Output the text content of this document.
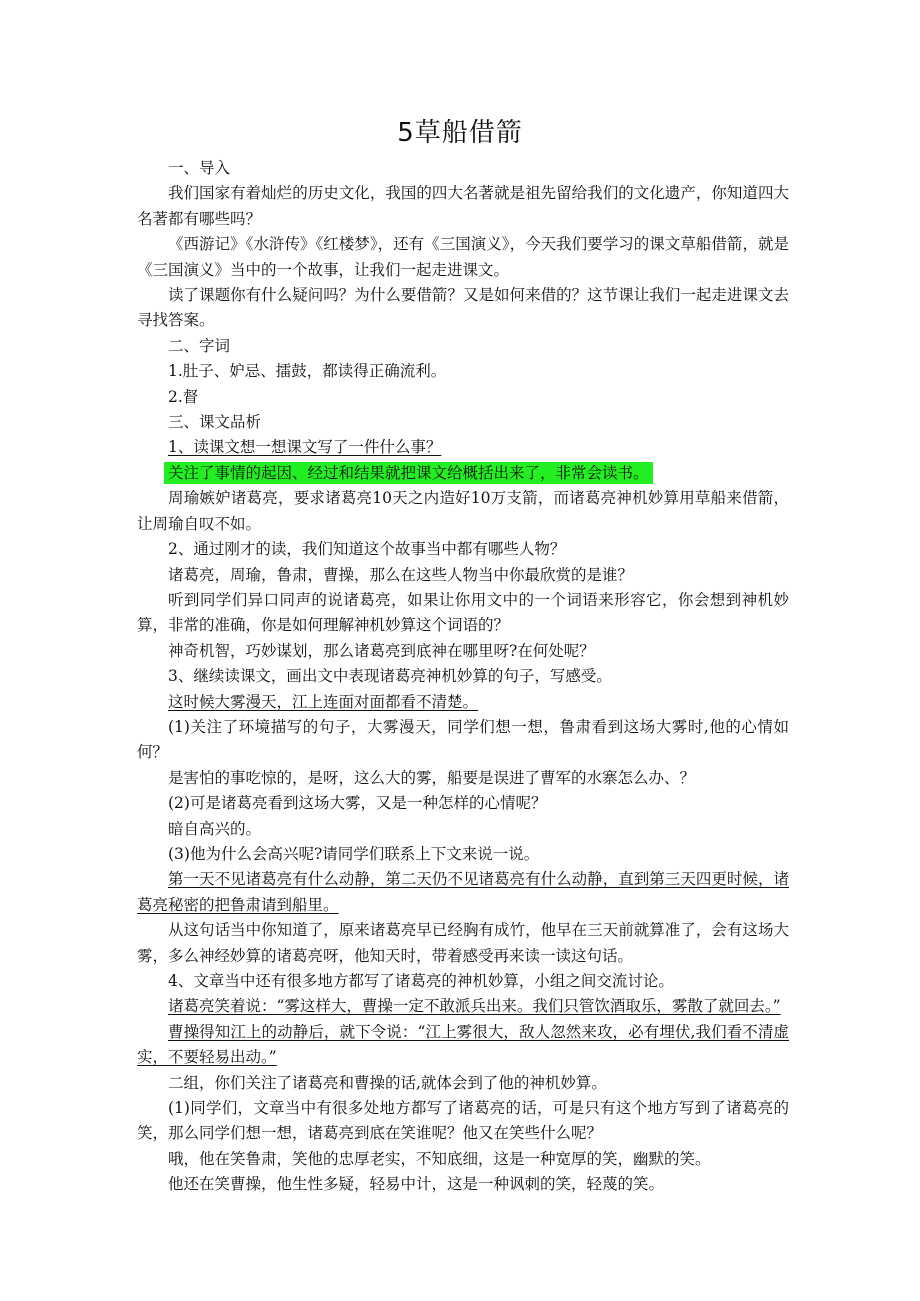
5草船借箭

一、导入

我们国家有着灿烂的历史文化，我国的四大名著就是祖先留给我们的文化遗产，你知道四大名著都有哪些吗？

《西游记》《水浒传》《红楼梦》，还有《三国演义》，今天我们要学习的课文草船借箭，就是《三国演义》当中的一个故事，让我们一起走进课文。

读了课题你有什么疑问吗？为什么要借箭？又是如何来借的？这节课让我们一起走进课文去寻找答案。

二、字词

1.肚子、妒忌、擂鼓，都读得正确流利。

2.督

三、课文品析

1、读课文想一想课文写了一件什么事？

关注了事情的起因、经过和结果就把课文给概括出来了，非常会读书。

周瑜嫉妒诸葛亮，要求诸葛亮10天之内造好10万支箭，而诸葛亮神机妙算用草船来借箭，让周瑜自叹不如。

2、通过刚才的读，我们知道这个故事当中都有哪些人物？

诸葛亮，周瑜，鲁肃，曹操，那么在这些人物当中你最欣赏的是谁？

听到同学们异口同声的说诸葛亮，如果让你用文中的一个词语来形容它，你会想到神机妙算，非常的准确，你是如何理解神机妙算这个词语的？

神奇机智，巧妙谋划，那么诸葛亮到底神在哪里呀?在何处呢？

3、继续读课文，画出文中表现诸葛亮神机妙算的句子，写感受。

这时候大雾漫天，江上连面对面都看不清楚。

(1)关注了环境描写的句子，大雾漫天，同学们想一想，鲁肃看到这场大雾时,他的心情如何？

是害怕的事吃惊的，是呀，这么大的雾，船要是误进了曹军的水寨怎么办、？

(2)可是诸葛亮看到这场大雾，又是一种怎样的心情呢？

暗自高兴的。

(3)他为什么会高兴呢?请同学们联系上下文来说一说。

第一天不见诸葛亮有什么动静，第二天仍不见诸葛亮有什么动静，直到第三天四更时候，诸葛亮秘密的把鲁肃请到船里。

从这句话当中你知道了，原来诸葛亮早已经胸有成竹，他早在三天前就算准了，会有这场大雾，多么神经妙算的诸葛亮呀，他知天时，带着感受再来读一读这句话。

4、文章当中还有很多地方都写了诸葛亮的神机妙算，小组之间交流讨论。

诸葛亮笑着说：“雾这样大，曹操一定不敢派兵出来。我们只管饮酒取乐，雾散了就回去。”

曹操得知江上的动静后，就下令说：“江上雾很大，敌人忽然来攻，必有埋伏,我们看不清虚实，不要轻易出动。”

二组，你们关注了诸葛亮和曹操的话,就体会到了他的神机妙算。

(1)同学们，文章当中有很多处地方都写了诸葛亮的话，可是只有这个地方写到了诸葛亮的笑，那么同学们想一想，诸葛亮到底在笑谁呢？他又在笑些什么呢？

哦，他在笑鲁肃，笑他的忠厚老实，不知底细，这是一种宽厚的笑，幽默的笑。

他还在笑曹操，他生性多疑，轻易中计，这是一种讽刺的笑，轻蔑的笑。
